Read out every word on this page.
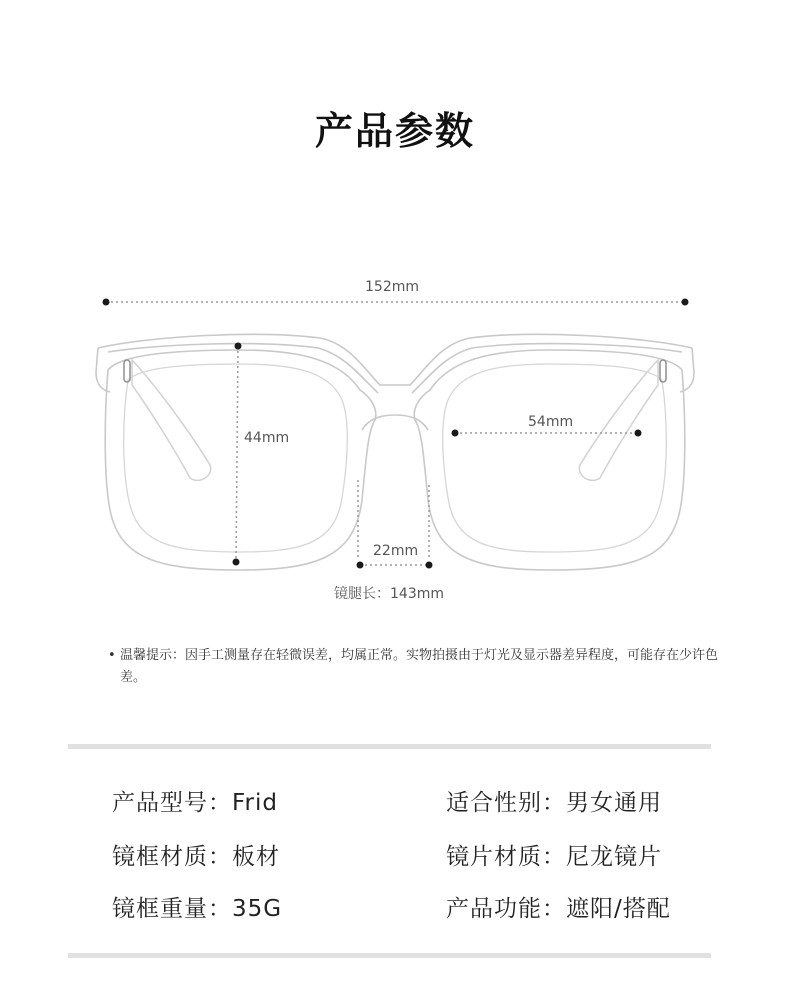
产品参数
152mm
44mm
54mm
22mm
镜腿长：143mm
• 温馨提示：因手工测量存在轻微误差，均属正常。实物拍摄由于灯光及显示器差异程度，可能存在少许色差。
产品型号：Frid	适合性别：男女通用
镜框材质：板材	镜片材质：尼龙镜片
镜框重量：35G	产品功能：遮阳/搭配
